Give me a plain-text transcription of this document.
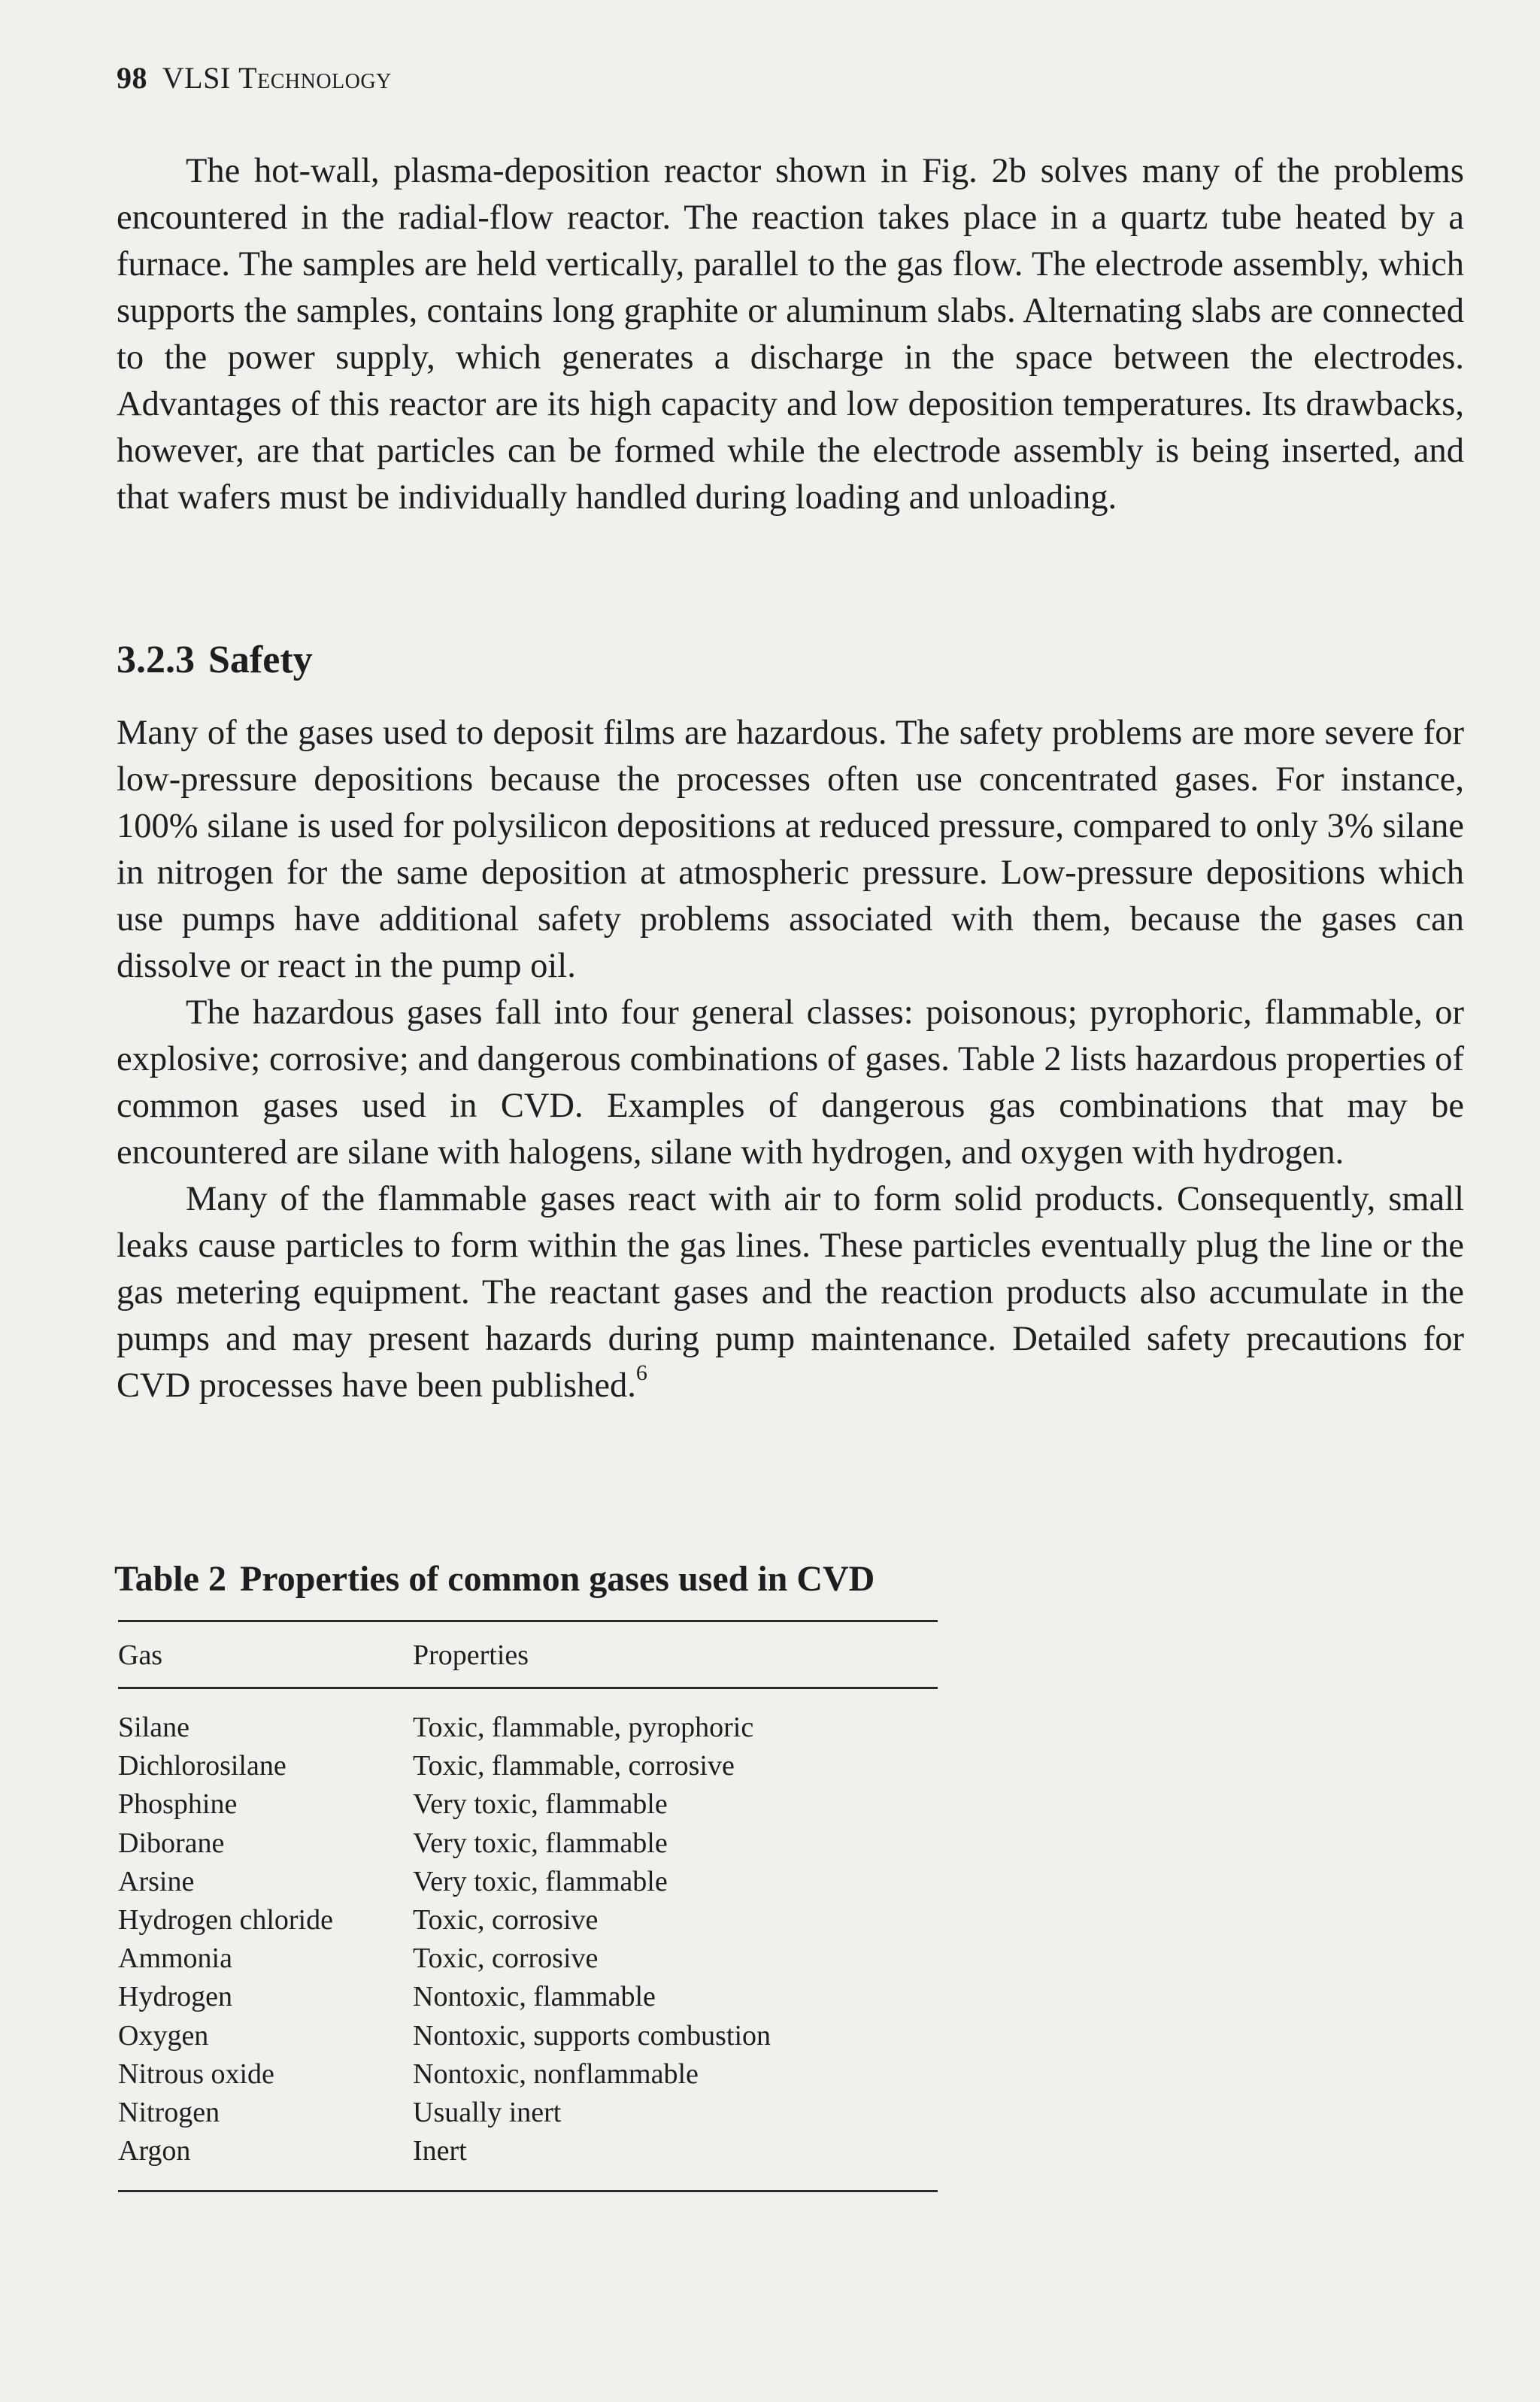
98 VLSI Technology

The hot-wall, plasma-deposition reactor shown in Fig. 2b solves many of the problems encountered in the radial-flow reactor. The reaction takes place in a quartz tube heated by a furnace. The samples are held vertically, parallel to the gas flow. The electrode assembly, which supports the samples, contains long graphite or aluminum slabs. Alternating slabs are connected to the power supply, which generates a discharge in the space between the electrodes. Advantages of this reactor are its high capacity and low deposition temperatures. Its drawbacks, however, are that particles can be formed while the electrode assembly is being inserted, and that wafers must be individually handled during loading and unloading.

3.2.3 Safety

Many of the gases used to deposit films are hazardous. The safety problems are more severe for low-pressure depositions because the processes often use concentrated gases. For instance, 100% silane is used for polysilicon depositions at reduced pressure, compared to only 3% silane in nitrogen for the same deposition at atmospheric pressure. Low-pressure depositions which use pumps have additional safety problems associated with them, because the gases can dissolve or react in the pump oil.

The hazardous gases fall into four general classes: poisonous; pyrophoric, flammable, or explosive; corrosive; and dangerous combinations of gases. Table 2 lists hazardous properties of common gases used in CVD. Examples of dangerous gas combinations that may be encountered are silane with halogens, silane with hydrogen, and oxygen with hydrogen.

Many of the flammable gases react with air to form solid products. Consequently, small leaks cause particles to form within the gas lines. These particles eventually plug the line or the gas metering equipment. The reactant gases and the reaction products also accumulate in the pumps and may present hazards during pump maintenance. Detailed safety precautions for CVD processes have been published.$^6$

Table 2 Properties of common gases used in CVD
Gas	Properties
Silane	Toxic, flammable, pyrophoric
Dichlorosilane	Toxic, flammable, corrosive
Phosphine	Very toxic, flammable
Diborane	Very toxic, flammable
Arsine	Very toxic, flammable
Hydrogen chloride	Toxic, corrosive
Ammonia	Toxic, corrosive
Hydrogen	Nontoxic, flammable
Oxygen	Nontoxic, supports combustion
Nitrous oxide	Nontoxic, nonflammable
Nitrogen	Usually inert
Argon	Inert
